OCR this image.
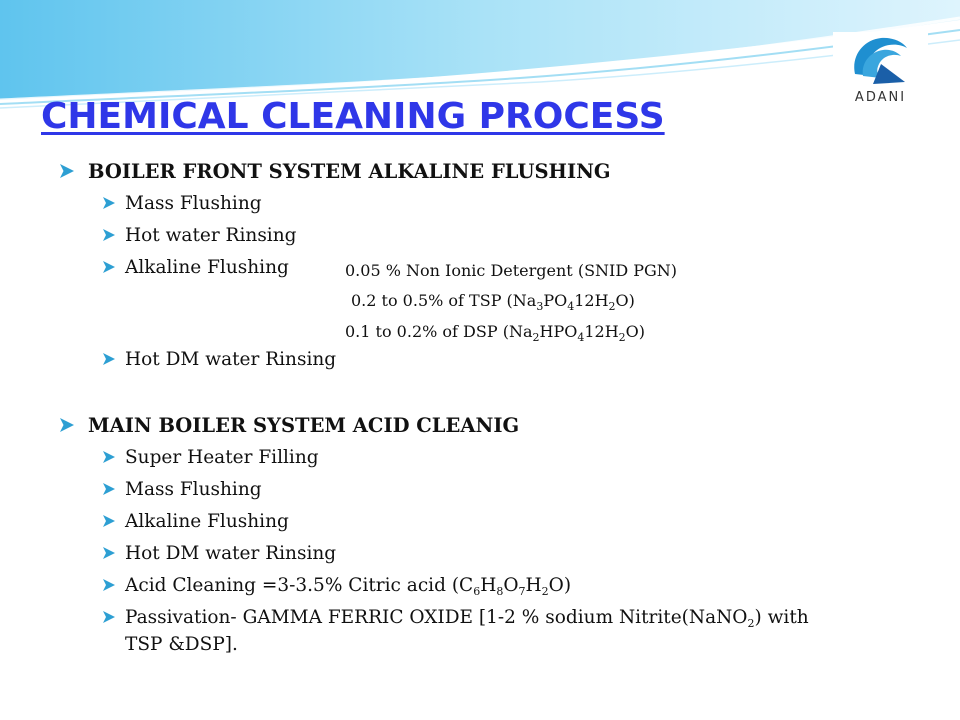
ADANI
CHEMICAL CLEANING PROCESS
BOILER FRONT SYSTEM ALKALINE FLUSHING
Mass Flushing
Hot water Rinsing
Alkaline Flushing	0.05 % Non Ionic Detergent (SNID PGN)
0.2 to 0.5% of TSP $(Na_3PO_412H_2O)$
0.1 to 0.2% of DSP $(Na_2HPO_412H_2O)$
Hot DM water Rinsing
MAIN BOILER SYSTEM ACID CLEANIG
Super Heater Filling
Mass Flushing
Alkaline Flushing
Hot DM water Rinsing
Acid Cleaning =3-3.5% Citric acid $(C_6H_8O_7H_2O)$
Passivation- GAMMA FERRIC OXIDE [1-2 % sodium Nitrite(NaNO$_2$) with
TSP &DSP].
